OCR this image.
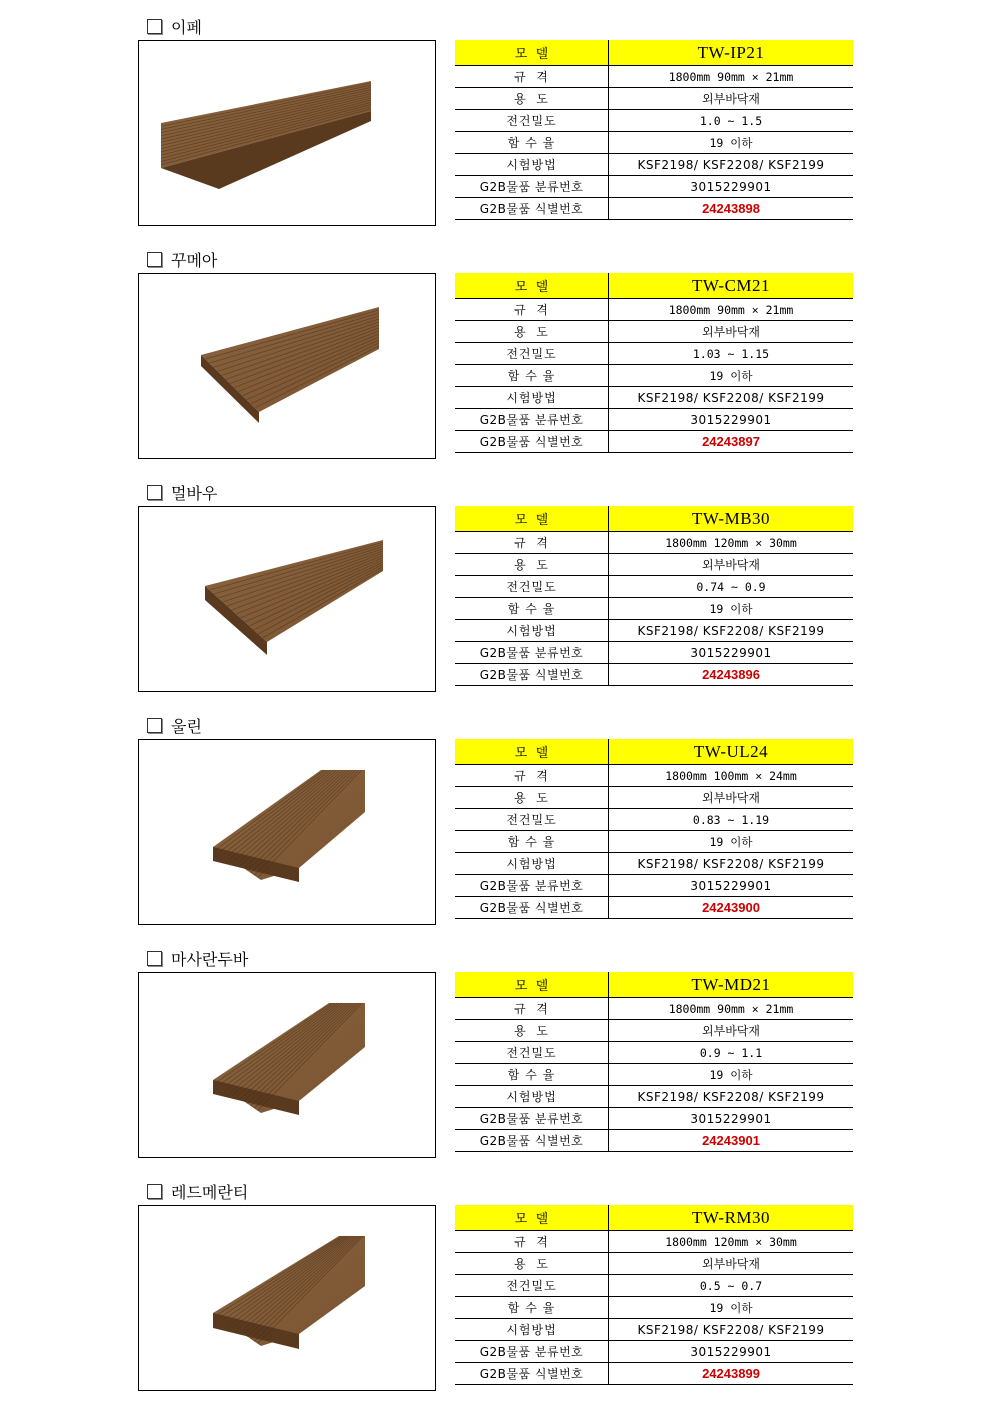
이페
모  델	TW-IP21
규  격	1800mm 90mm × 21mm
용  도	외부바닥재
전건밀도	1.0 ~ 1.5
함 수 율	19 이하
시험방법	KSF2198/ KSF2208/ KSF2199
G2B물품 분류번호	3015229901
G2B물품 식별번호	24243898
꾸메아
모  델	TW-CM21
규  격	1800mm 90mm × 21mm
용  도	외부바닥재
전건밀도	1.03 ~ 1.15
함 수 율	19 이하
시험방법	KSF2198/ KSF2208/ KSF2199
G2B물품 분류번호	3015229901
G2B물품 식별번호	24243897
멀바우
모  델	TW-MB30
규  격	1800mm 120mm × 30mm
용  도	외부바닥재
전건밀도	0.74 ~ 0.9
함 수 율	19 이하
시험방법	KSF2198/ KSF2208/ KSF2199
G2B물품 분류번호	3015229901
G2B물품 식별번호	24243896
울린
모  델	TW-UL24
규  격	1800mm 100mm × 24mm
용  도	외부바닥재
전건밀도	0.83 ~ 1.19
함 수 율	19 이하
시험방법	KSF2198/ KSF2208/ KSF2199
G2B물품 분류번호	3015229901
G2B물품 식별번호	24243900
마사란두바
모  델	TW-MD21
규  격	1800mm 90mm × 21mm
용  도	외부바닥재
전건밀도	0.9 ~ 1.1
함 수 율	19 이하
시험방법	KSF2198/ KSF2208/ KSF2199
G2B물품 분류번호	3015229901
G2B물품 식별번호	24243901
레드메란티
모  델	TW-RM30
규  격	1800mm 120mm × 30mm
용  도	외부바닥재
전건밀도	0.5 ~ 0.7
함 수 율	19 이하
시험방법	KSF2198/ KSF2208/ KSF2199
G2B물품 분류번호	3015229901
G2B물품 식별번호	24243899
